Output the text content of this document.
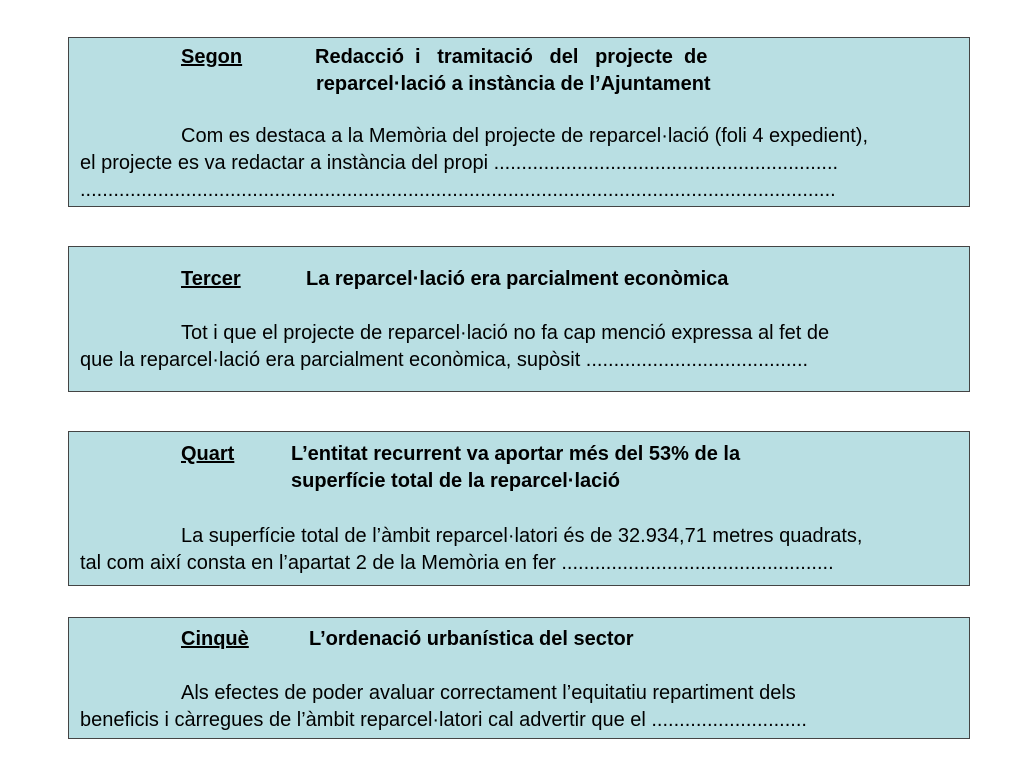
Segon	Redacció  i   tramitació   del   projecte  de
reparcel·lació a instància de l’Ajuntament
Com es destaca a la Memòria del projecte de reparcel·lació (foli 4 expedient),
el projecte es va redactar a instància del propi ..............................................................
........................................................................................................................................
Tercer	La reparcel·lació era parcialment econòmica
Tot i que el projecte de reparcel·lació no fa cap menció expressa al fet de
que la reparcel·lació era parcialment econòmica, supòsit ........................................
Quart	L’entitat recurrent va aportar més del 53% de la
superfície total de la reparcel·lació
La superfície total de l’àmbit reparcel·latori és de 32.934,71 metres quadrats,
tal com així consta en l’apartat 2 de la Memòria en fer .................................................
Cinquè	L’ordenació urbanística del sector
Als efectes de poder avaluar correctament l’equitatiu repartiment dels
beneficis i càrregues de l’àmbit reparcel·latori cal advertir que el ............................
